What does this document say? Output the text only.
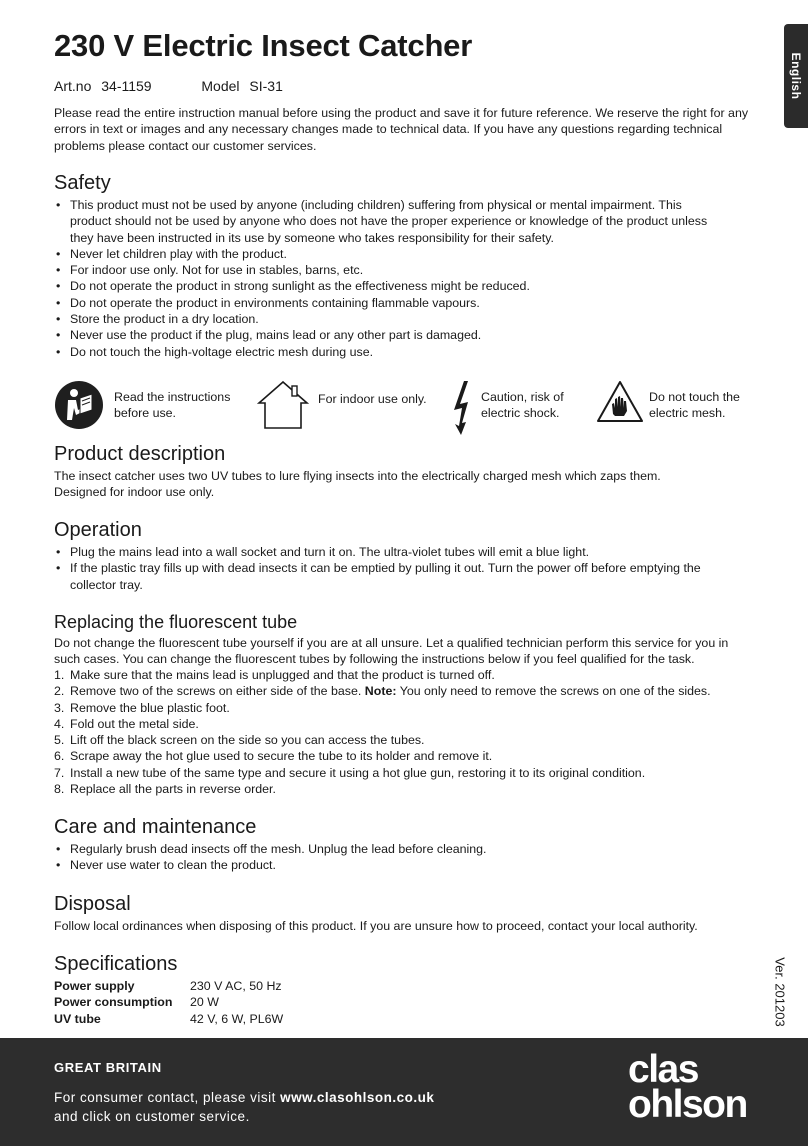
230 V Electric Insect Catcher
English
Art.no 34-1159	Model SI-31
Please read the entire instruction manual before using the product and save it for future reference. We reserve the right for any errors in text or images and any necessary changes made to technical data. If you have any questions regarding technical problems please contact our customer services.
Safety
• This product must not be used by anyone (including children) suffering from physical or mental impairment. This product should not be used by anyone who does not have the proper experience or knowledge of the product unless they have been instructed in its use by someone who takes responsibility for their safety.
• Never let children play with the product.
• For indoor use only. Not for use in stables, barns, etc.
• Do not operate the product in strong sunlight as the effectiveness might be reduced.
• Do not operate the product in environments containing flammable vapours.
• Store the product in a dry location.
• Never use the product if the plug, mains lead or any other part is damaged.
• Do not touch the high-voltage electric mesh during use.
Read the instructions before use.
For indoor use only.	Caution, risk of electric shock.
Do not touch the electric mesh.
Product description
The insect catcher uses two UV tubes to lure flying insects into the electrically charged mesh which zaps them. Designed for indoor use only.
Operation
• Plug the mains lead into a wall socket and turn it on. The ultra-violet tubes will emit a blue light.
• If the plastic tray fills up with dead insects it can be emptied by pulling it out. Turn the power off before emptying the collector tray.
Replacing the fluorescent tube
Do not change the fluorescent tube yourself if you are at all unsure. Let a qualified technician perform this service for you in such cases. You can change the fluorescent tubes by following the instructions below if you feel qualified for the task.
1. Make sure that the mains lead is unplugged and that the product is turned off.
2. Remove two of the screws on either side of the base. Note: You only need to remove the screws on one of the sides.
3. Remove the blue plastic foot.
4. Fold out the metal side.
5. Lift off the black screen on the side so you can access the tubes.
6. Scrape away the hot glue used to secure the tube to its holder and remove it.
7. Install a new tube of the same type and secure it using a hot glue gun, restoring it to its original condition.
8. Replace all the parts in reverse order.
Care and maintenance
• Regularly brush dead insects off the mesh. Unplug the lead before cleaning.
• Never use water to clean the product.
Disposal
Follow local ordinances when disposing of this product. If you are unsure how to proceed, contact your local authority.
Specifications
Power supply	230 V AC, 50 Hz
Power consumption	20 W
UV tube	42 V, 6 W, PL6W	Ver. 201203
GREAT BRITAIN
For consumer contact, please visit www.clasohlson.co.uk
and click on customer service.
clas
ohlson
